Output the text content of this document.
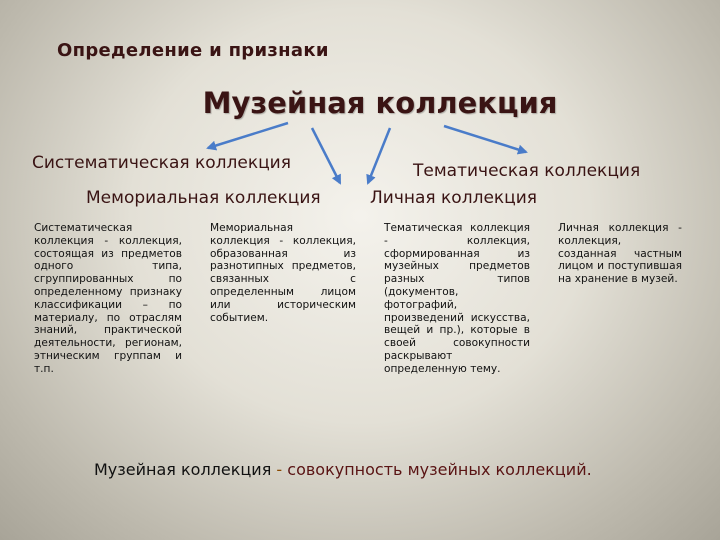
Определение и признаки
Музейная коллекция
Систематическая коллекция	Тематическая коллекция
Мемориальная коллекция	Личная коллекция
Систематическая коллекция - коллекция, состоящая из предметов одного типа, сгруппированных по определенному признаку классификации – по материалу, по отраслям знаний, практической деятельности, регионам, этническим группам и т.п.
Мемориальная коллекция - коллекция, образованная из разнотипных предметов, связанных с определенным лицом или историческим событием.
Тематическая коллекция - коллекция, сформированная из музейных предметов разных типов (документов, фотографий, произведений искусства, вещей и пр.), которые в своей совокупности раскрывают определенную тему.
Личная коллекция - коллекция, созданная частным лицом и поступившая на хранение в музей.
Музейная коллекция - совокупность музейных коллекций.
